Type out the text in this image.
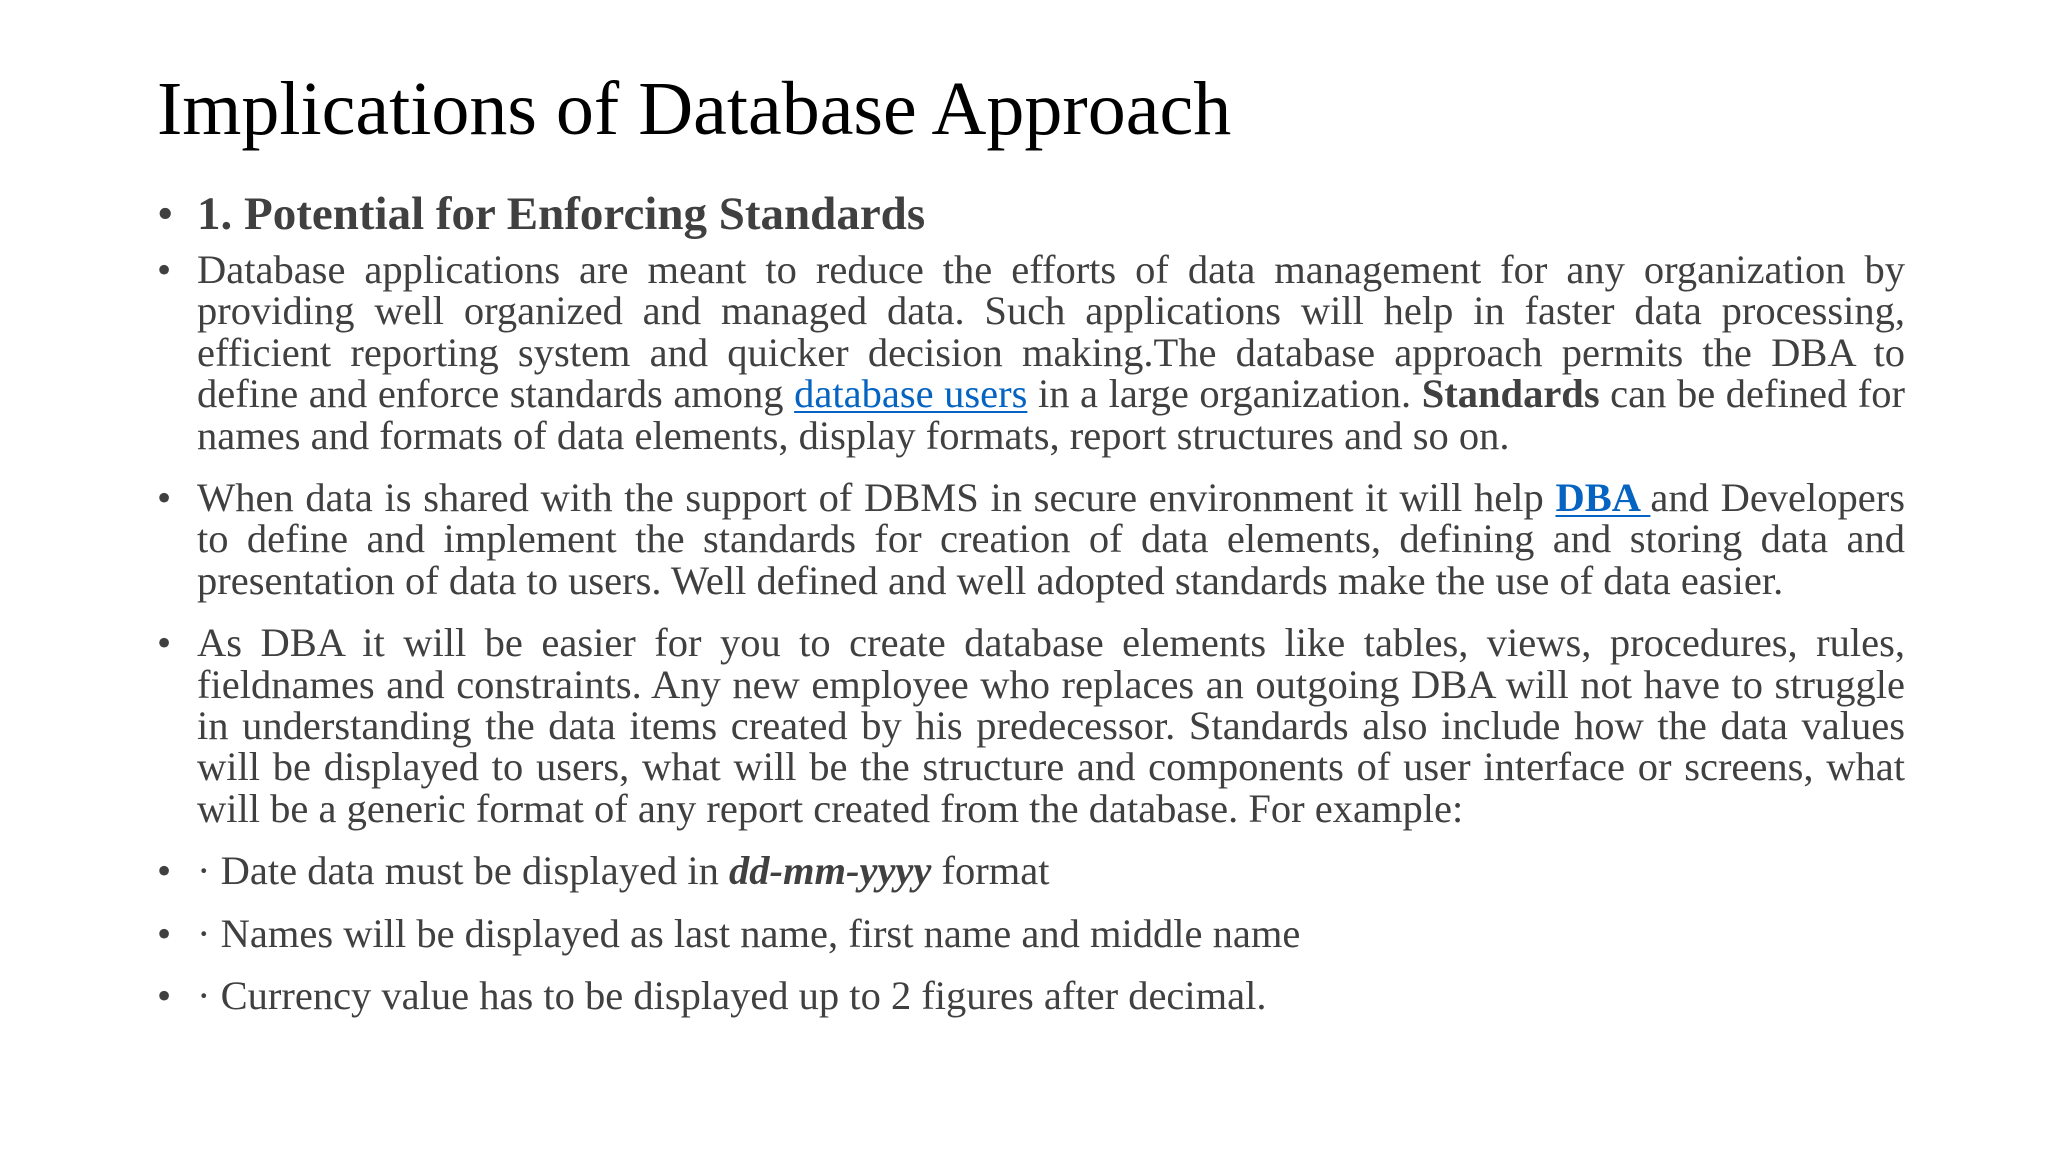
Implications of Database Approach
• 1. Potential for Enforcing Standards
• Database applications are meant to reduce the efforts of data management for any organization by providing well organized and managed data. Such applications will help in faster data processing, efficient reporting system and quicker decision making.The database approach permits the DBA to define and enforce standards among database users in a large organization. Standards can be defined for names and formats of data elements, display formats, report structures and so on.
• When data is shared with the support of DBMS in secure environment it will help DBA and Developers to define and implement the standards for creation of data elements, defining and storing data and presentation of data to users. Well defined and well adopted standards make the use of data easier.
• As DBA it will be easier for you to create database elements like tables, views, procedures, rules, fieldnames and constraints. Any new employee who replaces an outgoing DBA will not have to struggle in understanding the data items created by his predecessor. Standards also include how the data values will be displayed to users, what will be the structure and components of user interface or screens, what will be a generic format of any report created from the database. For example:
• · Date data must be displayed in dd-mm-yyyy format
• · Names will be displayed as last name, first name and middle name
• · Currency value has to be displayed up to 2 figures after decimal.
